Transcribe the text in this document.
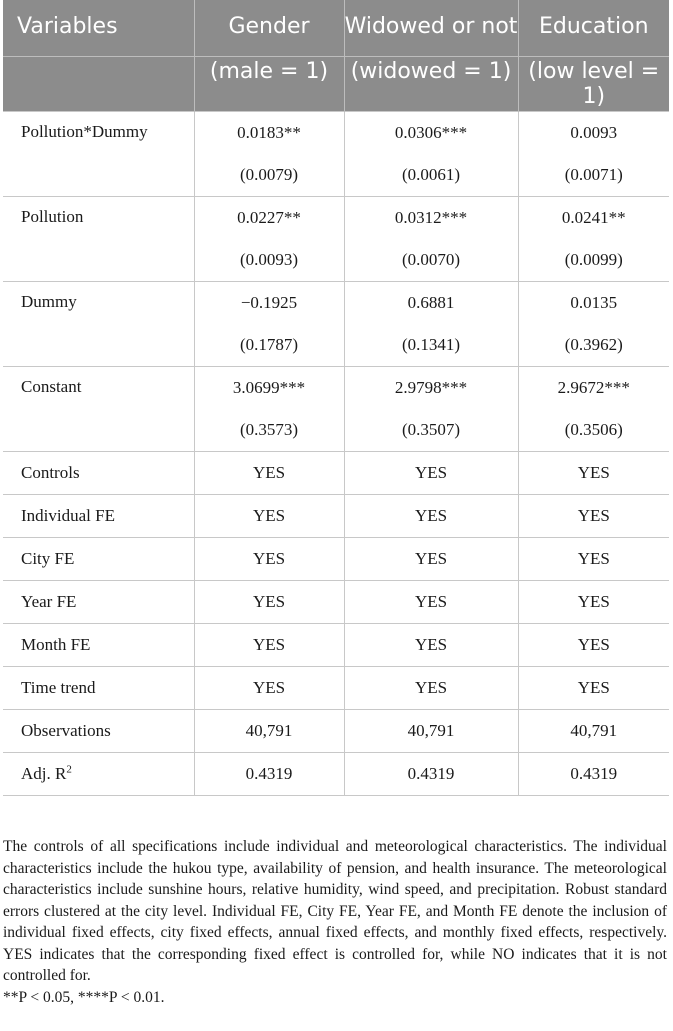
Variables	Gender	Widowed or not	Education
	(male = 1)	(widowed = 1)	(low level = 1)
Pollution*Dummy	0.0183**	0.0306***	0.0093
	(0.0079)	(0.0061)	(0.0071)
Pollution	0.0227**	0.0312***	0.0241**
	(0.0093)	(0.0070)	(0.0099)
Dummy	−0.1925	0.6881	0.0135
	(0.1787)	(0.1341)	(0.3962)
Constant	3.0699***	2.9798***	2.9672***
	(0.3573)	(0.3507)	(0.3506)
Controls	YES	YES	YES
Individual FE	YES	YES	YES
City FE	YES	YES	YES
Year FE	YES	YES	YES
Month FE	YES	YES	YES
Time trend	YES	YES	YES
Observations	40,791	40,791	40,791
Adj. $R^2$	0.4319	0.4319	0.4319

The controls of all specifications include individual and meteorological characteristics. The individual characteristics include the hukou type, availability of pension, and health insurance. The meteorological characteristics include sunshine hours, relative humidity, wind speed, and precipitation. Robust standard errors clustered at the city level. Individual FE, City FE, Year FE, and Month FE denote the inclusion of individual fixed effects, city fixed effects, annual fixed effects, and monthly fixed effects, respectively. YES indicates that the corresponding fixed effect is controlled for, while NO indicates that it is not controlled for.

**P < 0.05, ****P < 0.01.
